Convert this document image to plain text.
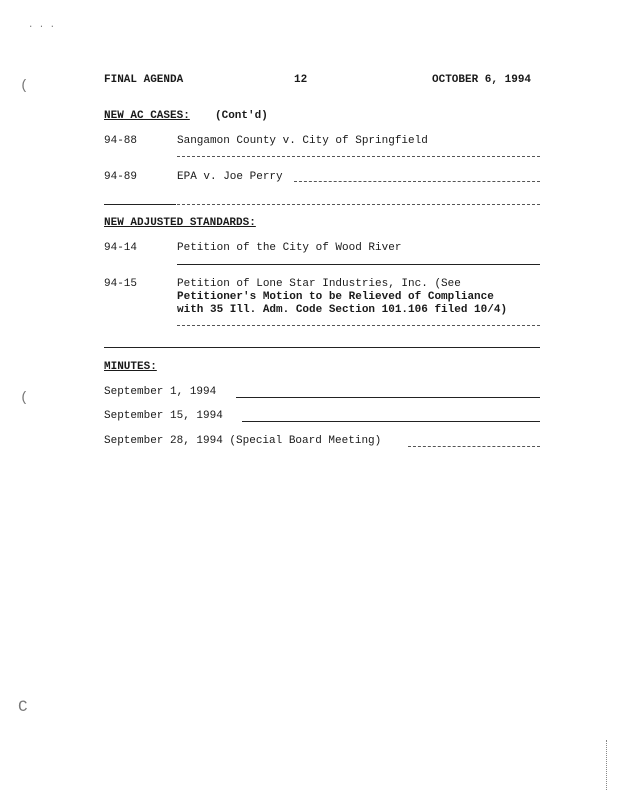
· · ·
(
(
C
FINAL AGENDA	12	OCTOBER 6, 1994
NEW AC CASES: (Cont'd)
94-88	Sangamon County v. City of Springfield
94-89	EPA v. Joe Perry
NEW ADJUSTED STANDARDS:
94-14	Petition of the City of Wood River
94-15	Petition of Lone Star Industries, Inc. (See
Petitioner's Motion to be Relieved of Compliance
with 35 Ill. Adm. Code Section 101.106 filed 10/4)
MINUTES:
September 1, 1994
September 15, 1994
September 28, 1994 (Special Board Meeting)
